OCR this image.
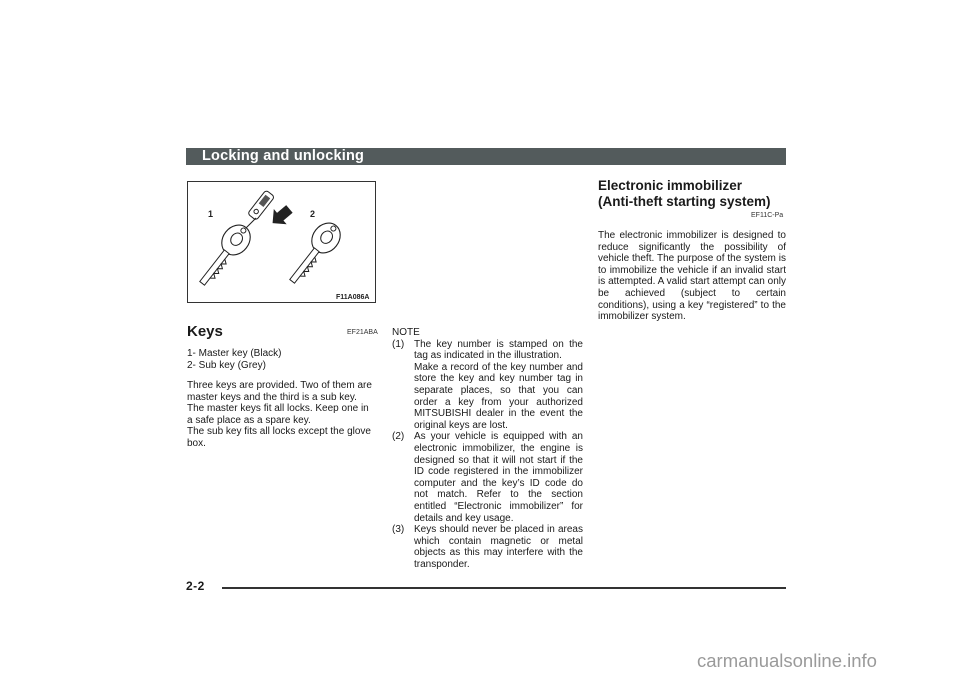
Locking and unlocking
1	2
F11A086A
Keys	EF21ABA
1- Master key (Black)
2- Sub key (Grey)

Three keys are provided. Two of them are master keys and the third is a sub key.

The master keys fit all locks. Keep one in a safe place as a spare key.

The sub key fits all locks except the glove box.

NOTE
(1) The key number is stamped on the tag as indicated in the illustration.

Make a record of the key number and store the key and key number tag in separate places, so that you can order a key from your authorized MITSUBISHI dealer in the event the original keys are lost.

(2) As your vehicle is equipped with an electronic immobilizer, the engine is designed so that it will not start if the ID code registered in the immobilizer computer and the key’s ID code do not match. Refer to the section entitled “Electronic immobilizer” for details and key usage.

(3) Keys should never be placed in areas which contain magnetic or metal objects as this may interfere with the transponder.

Electronic immobilizer
(Anti-theft starting system)
EF11C-Pa
The electronic immobilizer is designed to reduce significantly the possibility of vehicle theft. The purpose of the system is to immobilize the vehicle if an invalid start is attempted. A valid start attempt can only be achieved (subject to certain conditions), using a key “registered” to the immobilizer system.
2-2
carmanualsonline.info
